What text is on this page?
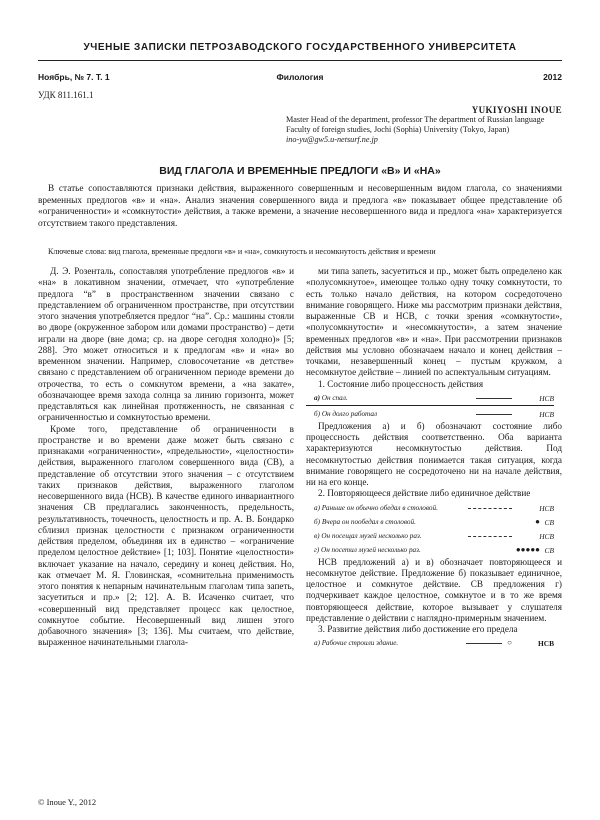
УЧЕНЫЕ ЗАПИСКИ ПЕТРОЗАВОДСКОГО ГОСУДАРСТВЕННОГО УНИВЕРСИТЕТА
Ноябрь, № 7. Т. 1	Филология	2012
УДК 811.161.1
YUKIYOSHI INOUE
Master Head of the department, professor The department of Russian language Faculty of foreign studies, Jochi (Sophia) University (Tokyo, Japan)
ino-yu@gw5.u-netsurf.ne.jp
ВИД ГЛАГОЛА И ВРЕМЕННЫЕ ПРЕДЛОГИ «В» И «НА»

В статье сопоставляются признаки действия, выраженного совершенным и несовершенным видом глагола, со значениями временных предлогов «в» и «на». Анализ значения совершенного вида и предлога «в» показывает общее представление об «ограниченности» и «сомкнутости» действия, а также времени, а значение несовершенного вида и предлога «на» характеризуется отсутствием такого представления.

Ключевые слова: вид глагола, временные предлоги «в» и «на», сомкнутость и несомкнутость действия и времени

Д. Э. Розенталь, сопоставляя употребление предлогов «в» и «на» в локативном значении, отмечает, что «употребление предлога “в” в пространственном значении связано с представлением об ограниченном пространстве, при отсутствии этого значения употребляется предлог “на”. Ср.: машины стояли во дворе (окруженное забором или домами пространство) – дети играли на дворе (вне дома; ср. на дворе сегодня холодно)» [5; 288]. Это может относиться и к предлогам «в» и «на» во временном значении. Например, словосочетание «в детстве» связано с представлением об ограниченном периоде времени до отрочества, то есть о сомкнутом времени, а «на закате», обозначающее время захода солнца за линию горизонта, может представляться как линейная протяженность, не связанная с ограниченностью и сомкнутостью времени.

Кроме того, представление об ограниченности в пространстве и во времени даже может быть связано с признаками «ограниченности», «предельности», «целостности» действия, выраженного глаголом совершенного вида (СВ), а представление об отсутствии этого значения – с отсутствием таких признаков действия, выраженного глаголом несовершенного вида (НСВ). В качестве единого инвариантного значения СВ предлагались законченность, предельность, результативность, точечность, целостность и пр. А. В. Бондарко сблизил признак целостности с признаком ограниченности действия пределом, объединяя их в единство – «ограничение пределом целостное действие» [1; 103]. Понятие «целостности» включает указание на начало, середину и конец действия. Но, как отмечает М. Я. Гловинская, «сомнительна применимость этого понятия к непарным начинательным глаголам типа запеть, засуетиться и пр.» [2; 12]. А. В. Исаченко считает, что «совершенный вид представляет процесс как целостное, сомкнутое событие. Несовершенный вид лишен этого добавочного значения» [3; 136]. Мы считаем, что действие, выраженное начинательными глагола-

ми типа запеть, засуетиться и пр., может быть определено как «полусомкнутое», имеющее только одну точку сомкнутости, то есть только начало действия, на котором сосредоточено внимание говорящего. Ниже мы рассмотрим признаки действия, выраженные СВ и НСВ, с точки зрения «сомкнутости», «полусомкнутости» и «несомкнутости», а затем значение временных предлогов «в» и «на». При рассмотрении признаков действия мы условно обозначаем начало и конец действия – точками, незавершенный конец – пустым кружком, а несомкнутое действие – линией по аспектуальным ситуациям.

1. Состояние либо процессность действия

а) Он спал.	НСВ
б) Он долго работал	НСВ

Предложения а) и б) обозначают состояние либо процессность действия соответственно. Оба варианта характеризуются несомкнутостью действия. Под несомкнутостью действия понимается такая ситуация, когда внимание говорящего не сосредоточено ни на начале действия, ни на его конце.

2. Повторяющееся действие либо единичное действие

а) Раньше он обычно обедал в столовой.	НСВ
б) Вчера он пообедал в столовой.	● СВ
в) Он посещал музей несколько раз.	НСВ
г) Он посетил музей несколько раз.	●●●●● СВ

НСВ предложений а) и в) обозначает повторяющееся и несомкнутое действие. Предложение б) показывает единичное, целостное и сомкнутое действие. СВ предложения г) подчеркивает каждое целостное, сомкнутое и в то же время повторяющееся действие, которое вызывает у слушателя представление о действии с наглядно-примерным значением.

3. Развитие действия либо достижение его предела

а) Рабочие строили здание.	○	НСВ
© Inoue Y., 2012
